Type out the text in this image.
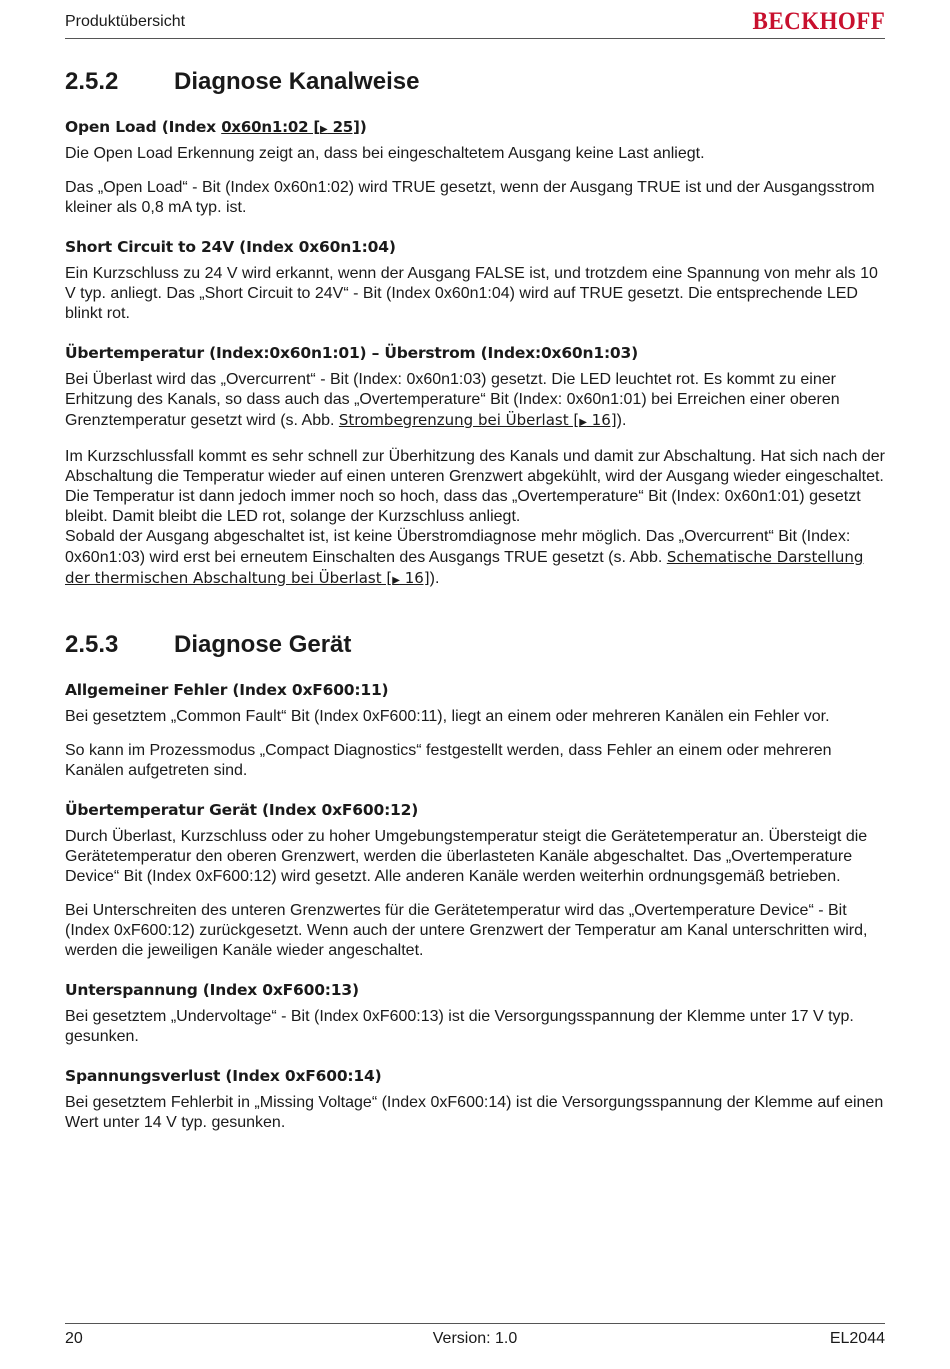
Produktübersicht	BECKHOFF
2.5.2 Diagnose Kanalweise
Open Load (Index 0x60n1:02 [▶ 25])

Die Open Load Erkennung zeigt an, dass bei eingeschaltetem Ausgang keine Last anliegt.

Das „Open Load“ - Bit (Index 0x60n1:02) wird TRUE gesetzt, wenn der Ausgang TRUE ist und der Ausgangsstrom kleiner als 0,8 mA typ. ist.

Short Circuit to 24V (Index 0x60n1:04)

Ein Kurzschluss zu 24 V wird erkannt, wenn der Ausgang FALSE ist, und trotzdem eine Spannung von mehr als 10 V typ. anliegt. Das „Short Circuit to 24V“ - Bit (Index 0x60n1:04) wird auf TRUE gesetzt. Die entsprechende LED blinkt rot.

Übertemperatur (Index:0x60n1:01) – Überstrom (Index:0x60n1:03)

Bei Überlast wird das „Overcurrent“ - Bit (Index: 0x60n1:03) gesetzt. Die LED leuchtet rot. Es kommt zu einer Erhitzung des Kanals, so dass auch das „Overtemperature“ Bit (Index: 0x60n1:01) bei Erreichen einer oberen Grenztemperatur gesetzt wird (s. Abb. Strombegrenzung bei Überlast [▶ 16]).

Im Kurzschlussfall kommt es sehr schnell zur Überhitzung des Kanals und damit zur Abschaltung. Hat sich nach der Abschaltung die Temperatur wieder auf einen unteren Grenzwert abgekühlt, wird der Ausgang wieder eingeschaltet. Die Temperatur ist dann jedoch immer noch so hoch, dass das „Overtemperature“ Bit (Index: 0x60n1:01) gesetzt bleibt. Damit bleibt die LED rot, solange der Kurzschluss anliegt.

Sobald der Ausgang abgeschaltet ist, ist keine Überstromdiagnose mehr möglich. Das „Overcurrent“ Bit (Index: 0x60n1:03) wird erst bei erneutem Einschalten des Ausgangs TRUE gesetzt (s. Abb. Schematische Darstellung der thermischen Abschaltung bei Überlast [▶ 16]).

2.5.3 Diagnose Gerät
Allgemeiner Fehler (Index 0xF600:11)

Bei gesetztem „Common Fault“ Bit (Index 0xF600:11), liegt an einem oder mehreren Kanälen ein Fehler vor.

So kann im Prozessmodus „Compact Diagnostics“ festgestellt werden, dass Fehler an einem oder mehreren Kanälen aufgetreten sind.

Übertemperatur Gerät (Index 0xF600:12)

Durch Überlast, Kurzschluss oder zu hoher Umgebungstemperatur steigt die Gerätetemperatur an. Übersteigt die Gerätetemperatur den oberen Grenzwert, werden die überlasteten Kanäle abgeschaltet. Das „Overtemperature Device“ Bit (Index 0xF600:12) wird gesetzt. Alle anderen Kanäle werden weiterhin ordnungsgemäß betrieben.

Bei Unterschreiten des unteren Grenzwertes für die Gerätetemperatur wird das „Overtemperature Device“ - Bit (Index 0xF600:12) zurückgesetzt. Wenn auch der untere Grenzwert der Temperatur am Kanal unterschritten wird, werden die jeweiligen Kanäle wieder angeschaltet.

Unterspannung (Index 0xF600:13)

Bei gesetztem „Undervoltage“ - Bit (Index 0xF600:13) ist die Versorgungsspannung der Klemme unter 17 V typ. gesunken.

Spannungsverlust (Index 0xF600:14)

Bei gesetztem Fehlerbit in „Missing Voltage“ (Index 0xF600:14) ist die Versorgungsspannung der Klemme auf einen Wert unter 14 V typ. gesunken.

20	Version: 1.0	EL2044
